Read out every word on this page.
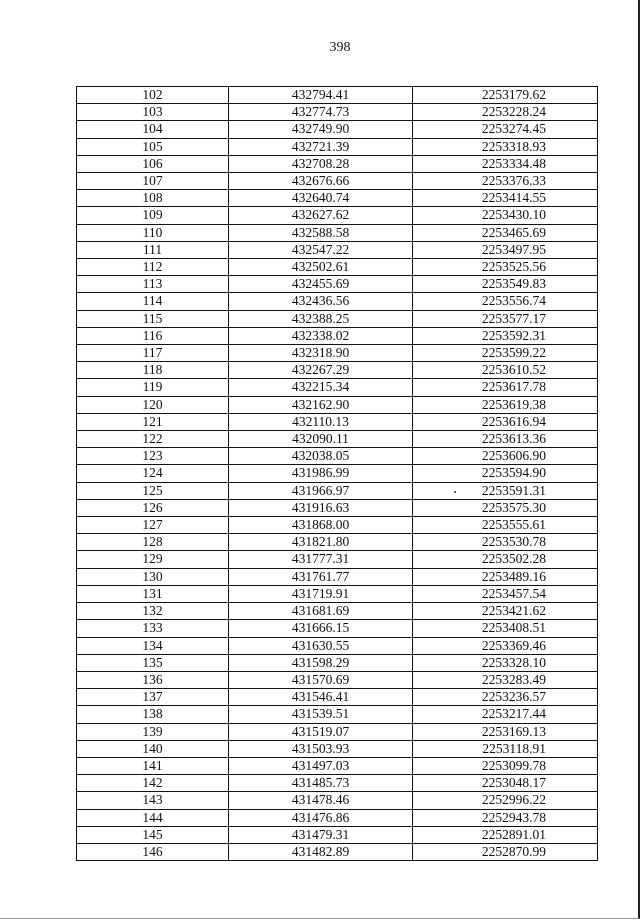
398
102	432794.41	2253179.62
103	432774.73	2253228.24
104	432749.90	2253274.45
105	432721.39	2253318.93
106	432708.28	2253334.48
107	432676.66	2253376.33
108	432640.74	2253414.55
109	432627.62	2253430.10
110	432588.58	2253465.69
111	432547.22	2253497.95
112	432502.61	2253525.56
113	432455.69	2253549.83
114	432436.56	2253556.74
115	432388.25	2253577.17
116	432338.02	2253592.31
117	432318.90	2253599.22
118	432267.29	2253610.52
119	432215.34	2253617.78
120	432162.90	2253619.38
121	432110.13	2253616.94
122	432090.11	2253613.36
123	432038.05	2253606.90
124	431986.99	2253594.90
125	431966.97	2253591.31
126	431916.63	2253575.30
127	431868.00	2253555.61
128	431821.80	2253530.78
129	431777.31	2253502.28
130	431761.77	2253489.16
131	431719.91	2253457.54
132	431681.69	2253421.62
133	431666.15	2253408.51
134	431630.55	2253369.46
135	431598.29	2253328.10
136	431570.69	2253283.49
137	431546.41	2253236.57
138	431539.51	2253217.44
139	431519.07	2253169.13
140	431503.93	2253118.91
141	431497.03	2253099.78
142	431485.73	2253048.17
143	431478.46	2252996.22
144	431476.86	2252943.78
145	431479.31	2252891.01
146	431482.89	2252870.99
